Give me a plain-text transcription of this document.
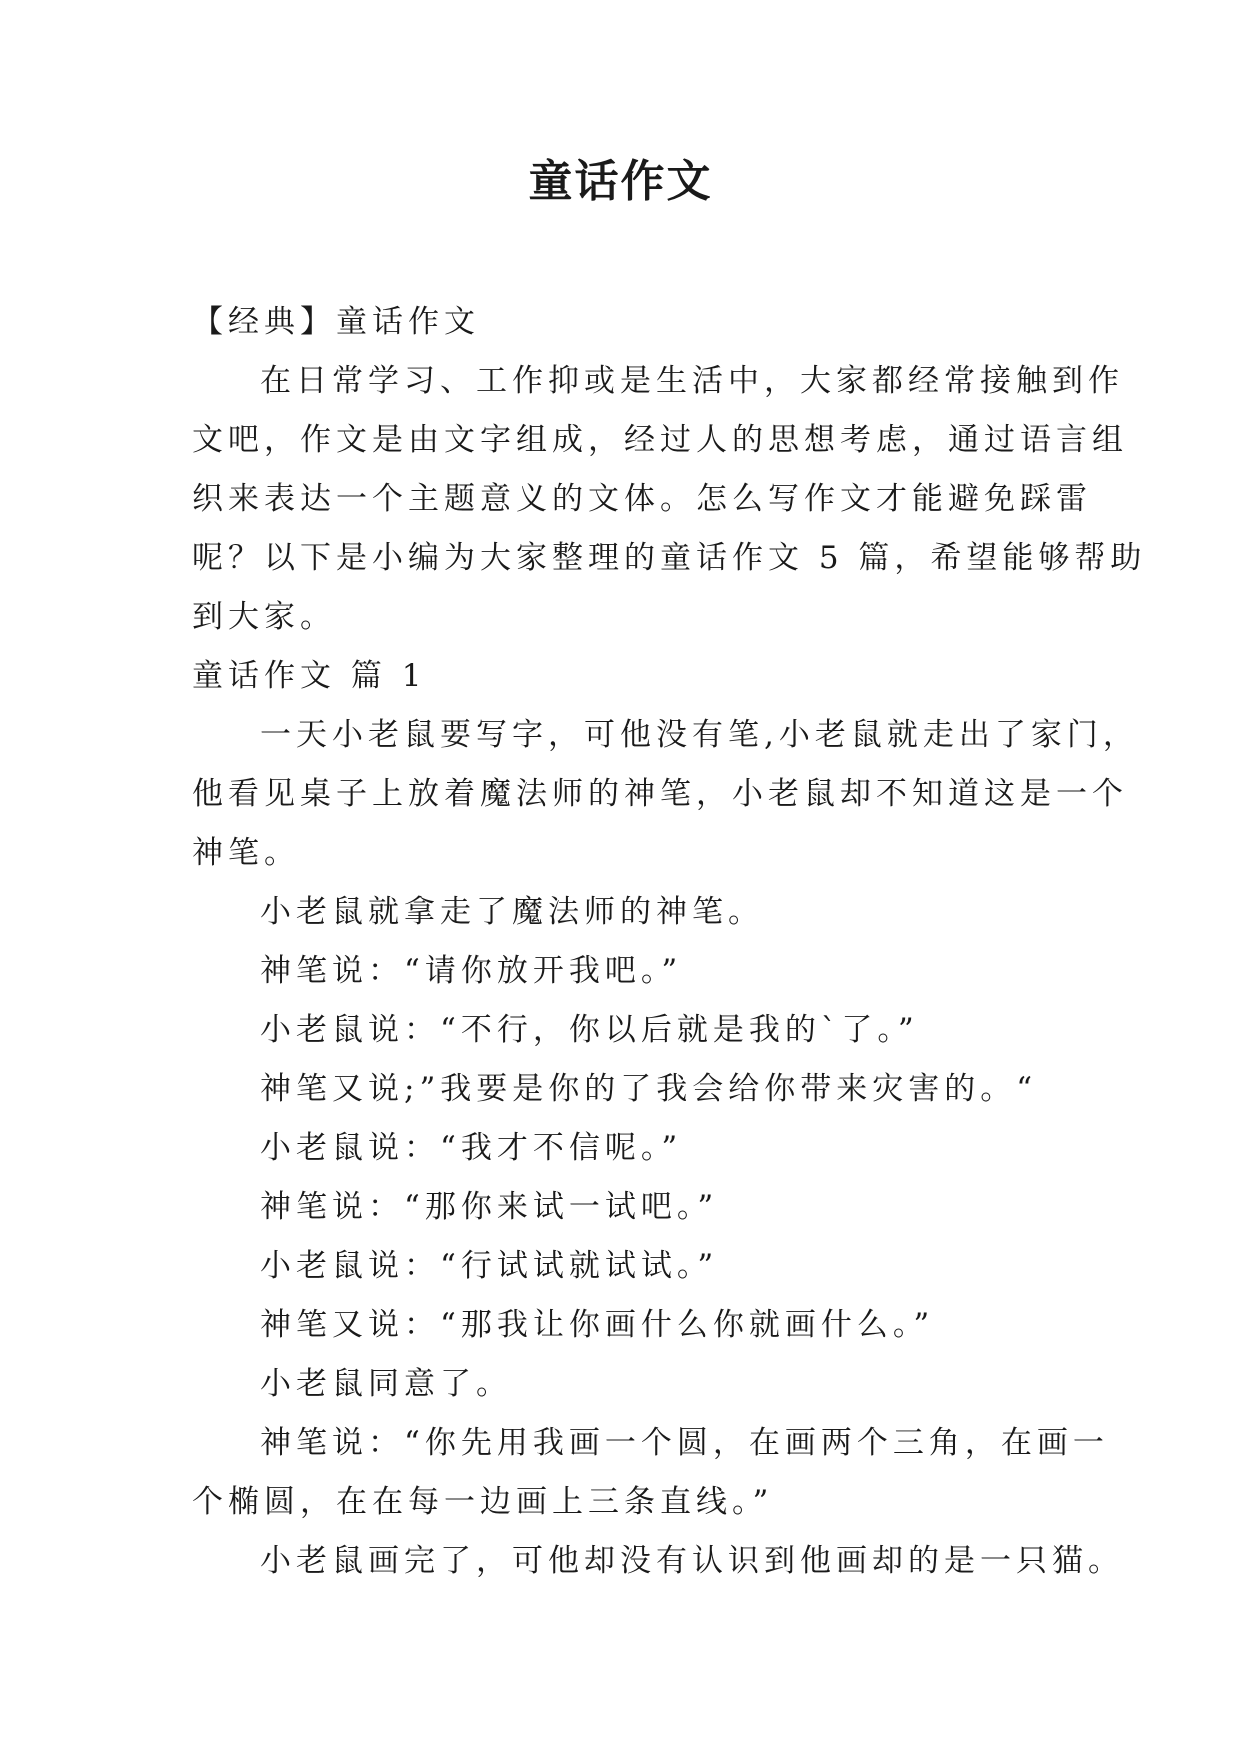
童话作文
【经典】童话作文
在日常学习、工作抑或是生活中，大家都经常接触到作
文吧，作文是由文字组成，经过人的思想考虑，通过语言组
织来表达一个主题意义的文体。怎么写作文才能避免踩雷
呢？以下是小编为大家整理的童话作文 5 篇，希望能够帮助
到大家。
童话作文 篇 1
一天小老鼠要写字，可他没有笔,小老鼠就走出了家门，
他看见桌子上放着魔法师的神笔，小老鼠却不知道这是一个
神笔。
小老鼠就拿走了魔法师的神笔。
神笔说：“请你放开我吧。”
小老鼠说：“不行，你以后就是我的`了。”
神笔又说;”我要是你的了我会给你带来灾害的。“
小老鼠说：“我才不信呢。”
神笔说：“那你来试一试吧。”
小老鼠说：“行试试就试试。”
神笔又说：“那我让你画什么你就画什么。”
小老鼠同意了。
神笔说：“你先用我画一个圆，在画两个三角，在画一
个椭圆，在在每一边画上三条直线。”
小老鼠画完了，可他却没有认识到他画却的是一只猫。
